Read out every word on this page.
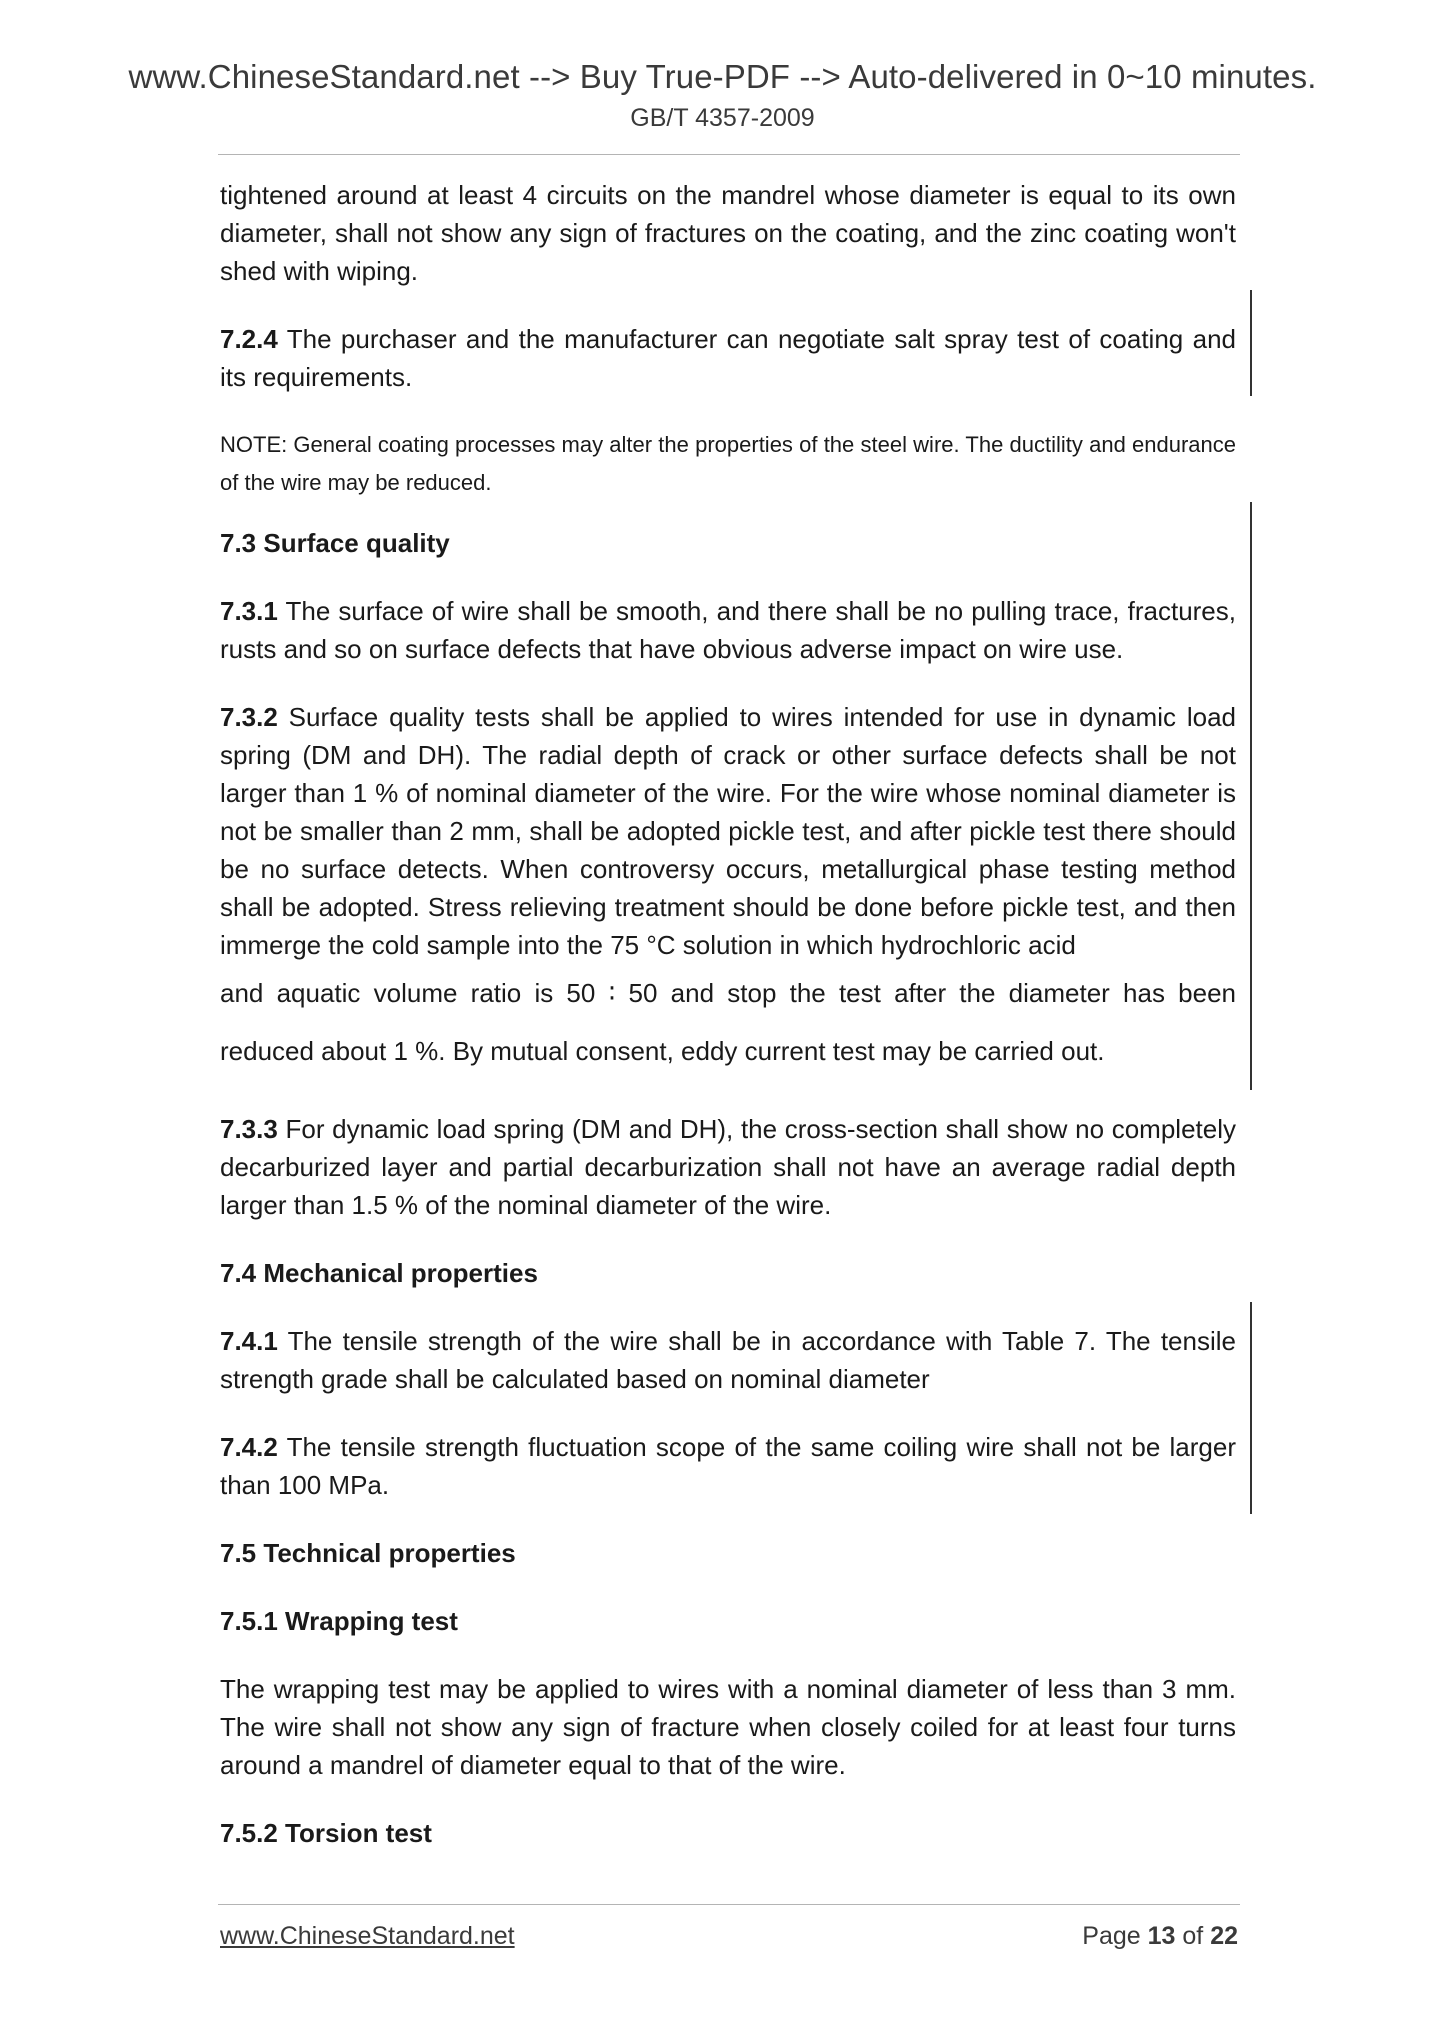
www.ChineseStandard.net --> Buy True-PDF --> Auto-delivered in 0~10 minutes.
GB/T 4357-2009

tightened around at least 4 circuits on the mandrel whose diameter is equal to its own diameter, shall not show any sign of fractures on the coating, and the zinc coating won't shed with wiping.

7.2.4 The purchaser and the manufacturer can negotiate salt spray test of coating and its requirements.

NOTE: General coating processes may alter the properties of the steel wire. The ductility and endurance of the wire may be reduced.

7.3 Surface quality

7.3.1 The surface of wire shall be smooth, and there shall be no pulling trace, fractures, rusts and so on surface defects that have obvious adverse impact on wire use.

7.3.2 Surface quality tests shall be applied to wires intended for use in dynamic load spring (DM and DH). The radial depth of crack or other surface defects shall be not larger than 1 % of nominal diameter of the wire. For the wire whose nominal diameter is not be smaller than 2 mm, shall be adopted pickle test, and after pickle test there should be no surface detects. When controversy occurs, metallurgical phase testing method shall be adopted. Stress relieving treatment should be done before pickle test, and then immerge the cold sample into the 75 °C solution in which hydrochloric acid
and aquatic volume ratio is 50 ∶ 50 and stop the test after the diameter has been
reduced about 1 %. By mutual consent, eddy current test may be carried out.

7.3.3 For dynamic load spring (DM and DH), the cross-section shall show no completely decarburized layer and partial decarburization shall not have an average radial depth larger than 1.5 % of the nominal diameter of the wire.

7.4 Mechanical properties

7.4.1 The tensile strength of the wire shall be in accordance with Table 7. The tensile strength grade shall be calculated based on nominal diameter

7.4.2 The tensile strength fluctuation scope of the same coiling wire shall not be larger than 100 MPa.

7.5 Technical properties

7.5.1 Wrapping test

The wrapping test may be applied to wires with a nominal diameter of less than 3 mm. The wire shall not show any sign of fracture when closely coiled for at least four turns around a mandrel of diameter equal to that of the wire.

7.5.2 Torsion test

www.ChineseStandard.net	Page 13 of 22
